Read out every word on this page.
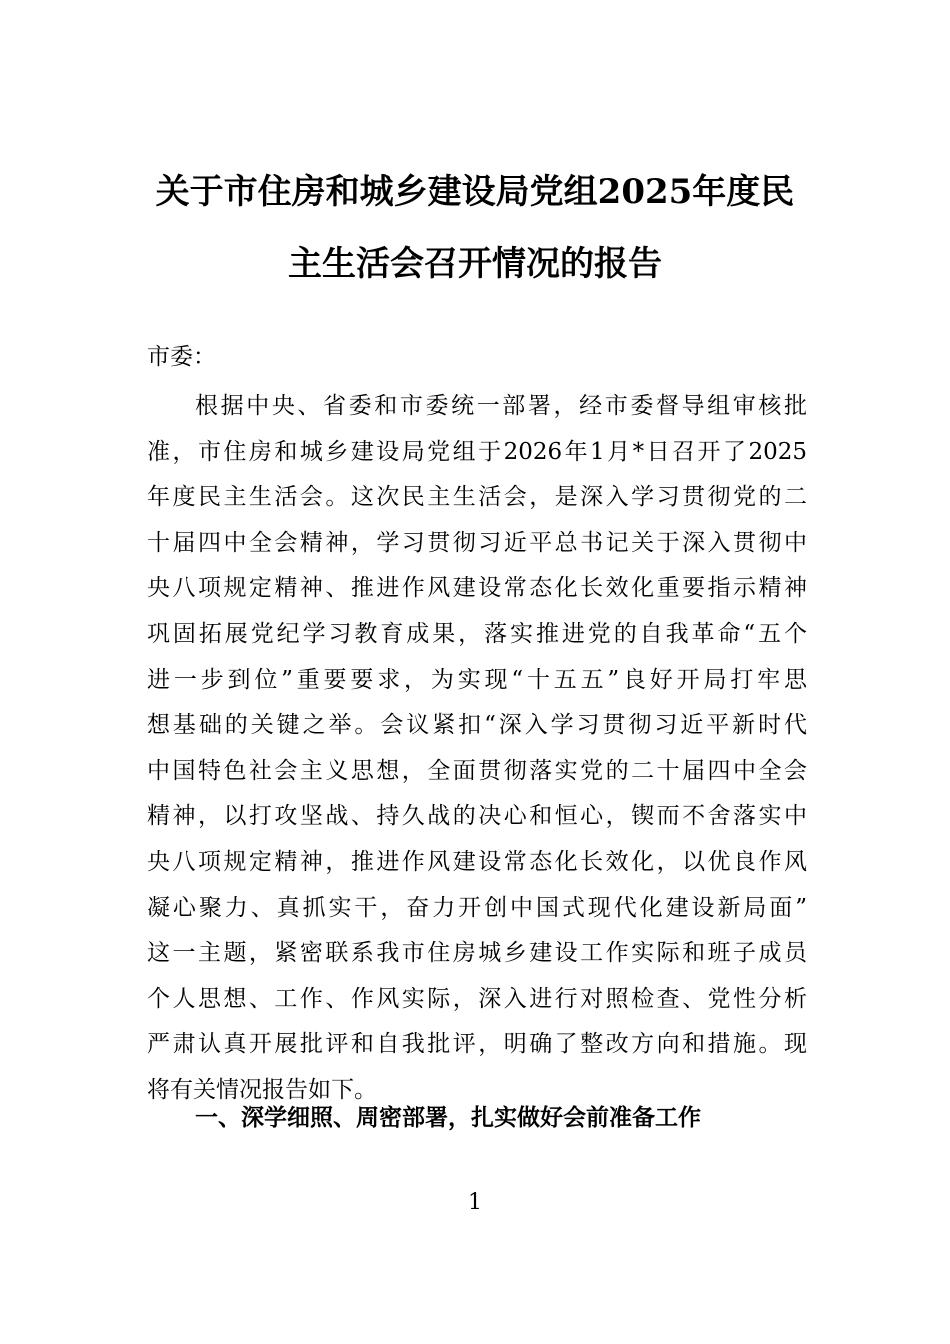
关于市住房和城乡建设局党组2025年度民
主生活会召开情况的报告
市委：
根据中央、省委和市委统一部署，经市委督导组审核批
准，市住房和城乡建设局党组于2026年1月*日召开了2025
年度民主生活会。这次民主生活会，是深入学习贯彻党的二
十届四中全会精神，学习贯彻习近平总书记关于深入贯彻中
央八项规定精神、推进作风建设常态化长效化重要指示精神
巩固拓展党纪学习教育成果，落实推进党的自我革命“五个
进一步到位”重要要求，为实现“十五五”良好开局打牢思
想基础的关键之举。会议紧扣“深入学习贯彻习近平新时代
中国特色社会主义思想，全面贯彻落实党的二十届四中全会
精神，以打攻坚战、持久战的决心和恒心，锲而不舍落实中
央八项规定精神，推进作风建设常态化长效化，以优良作风
凝心聚力、真抓实干，奋力开创中国式现代化建设新局面”
这一主题，紧密联系我市住房城乡建设工作实际和班子成员
个人思想、工作、作风实际，深入进行对照检查、党性分析
严肃认真开展批评和自我批评，明确了整改方向和措施。现
将有关情况报告如下。
一、深学细照、周密部署，扎实做好会前准备工作
1
